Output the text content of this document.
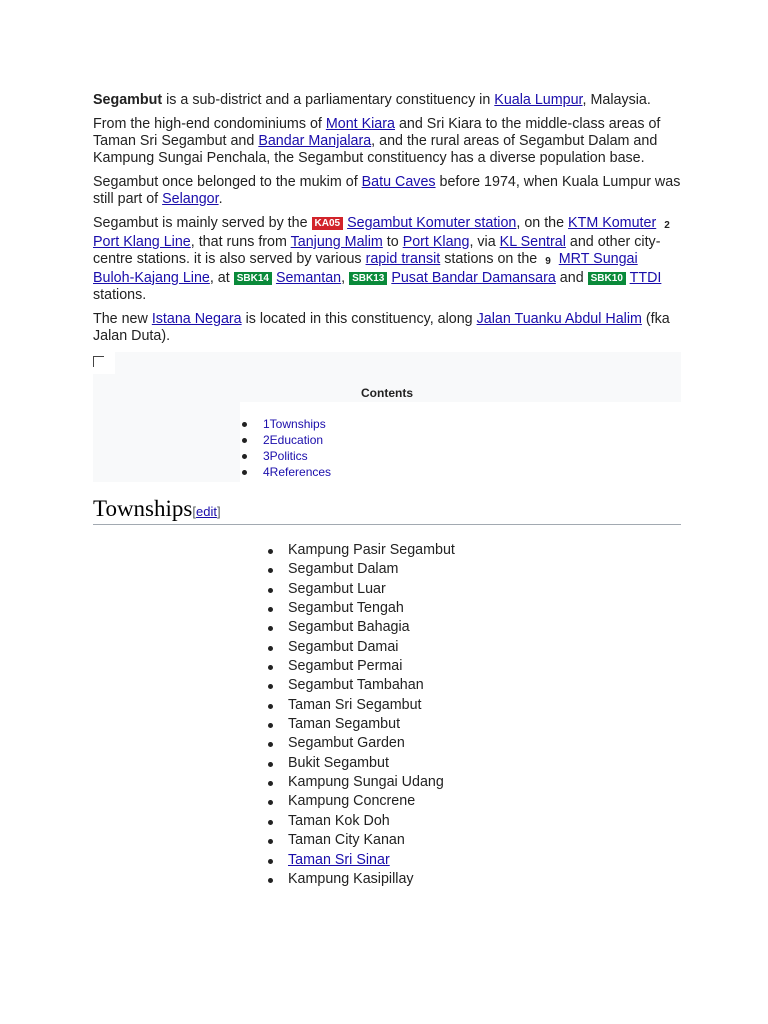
Segambut is a sub-district and a parliamentary constituency in Kuala Lumpur, Malaysia.

From the high-end condominiums of Mont Kiara and Sri Kiara to the middle-class areas of Taman Sri Segambut and Bandar Manjalara, and the rural areas of Segambut Dalam and Kampung Sungai Penchala, the Segambut constituency has a diverse population base.

Segambut once belonged to the mukim of Batu Caves before 1974, when Kuala Lumpur was still part of Selangor.

Segambut is mainly served by the KA05 Segambut Komuter station, on the KTM Komuter 2 Port Klang Line, that runs from Tanjung Malim to Port Klang, via KL Sentral and other city-centre stations. it is also served by various rapid transit stations on the 9 MRT Sungai Buloh-Kajang Line, at SBK14 Semantan, SBK13 Pusat Bandar Damansara and SBK10 TTDI stations.

The new Istana Negara is located in this constituency, along Jalan Tuanku Abdul Halim (fka Jalan Duta).

Contents
1Townships
2Education
3Politics
4References
Townships[edit]
Kampung Pasir Segambut
Segambut Dalam
Segambut Luar
Segambut Tengah
Segambut Bahagia
Segambut Damai
Segambut Permai
Segambut Tambahan
Taman Sri Segambut
Taman Segambut
Segambut Garden
Bukit Segambut
Kampung Sungai Udang
Kampung Concrene
Taman Kok Doh
Taman City Kanan
Taman Sri Sinar
Kampung Kasipillay
